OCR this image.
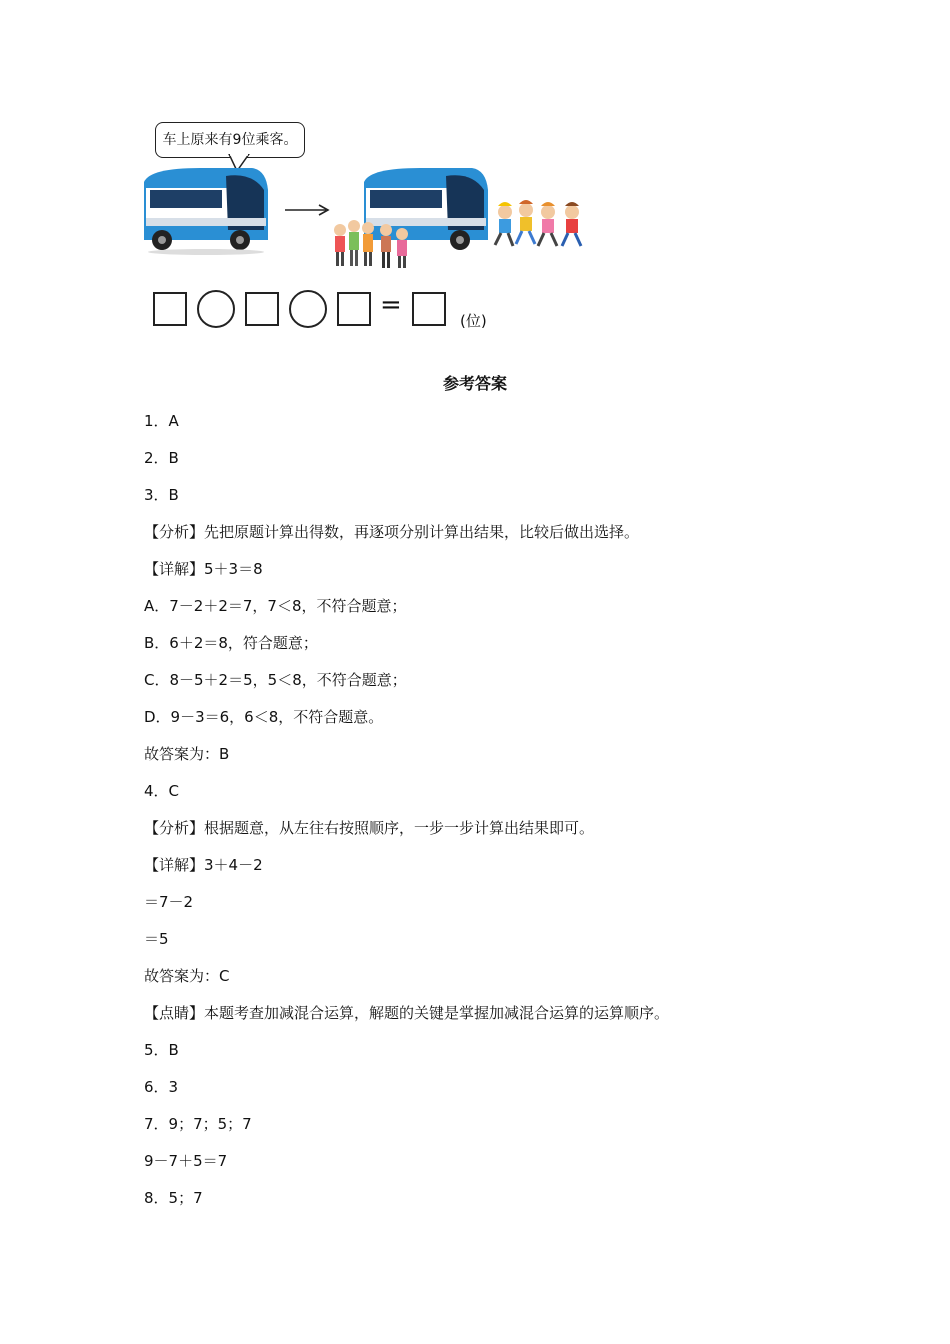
车上原来有9位乘客。
=
(位)
参考答案
1．A
2．B
3．B
【分析】先把原题计算出得数，再逐项分别计算出结果，比较后做出选择。
【详解】5＋3＝8
A．7－2＋2＝7，7＜8，不符合题意；
B．6＋2＝8，符合题意；
C．8－5＋2＝5，5＜8，不符合题意；
D．9－3＝6，6＜8，不符合题意。
故答案为：B
4．C
【分析】根据题意，从左往右按照顺序，一步一步计算出结果即可。
【详解】3＋4－2
＝7－2
＝5
故答案为：C
【点睛】本题考查加减混合运算，解题的关键是掌握加减混合运算的运算顺序。
5．B
6．3
7．9；7；5；7
9－7＋5＝7
8．5；7
